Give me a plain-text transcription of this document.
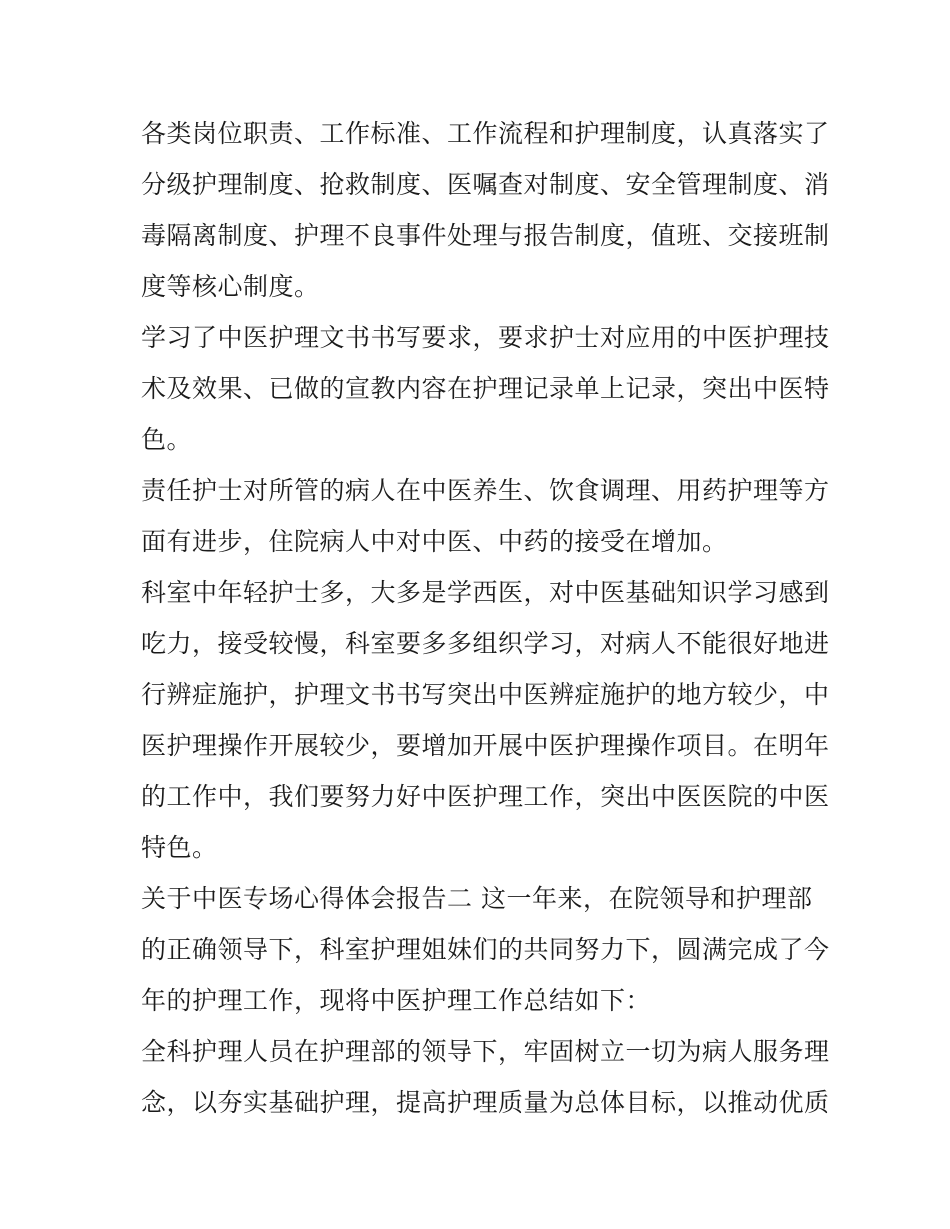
各类岗位职责、工作标准、工作流程和护理制度，认真落实了
分级护理制度、抢救制度、医嘱查对制度、安全管理制度、消
毒隔离制度、护理不良事件处理与报告制度，值班、交接班制
度等核心制度。
学习了中医护理文书书写要求，要求护士对应用的中医护理技
术及效果、已做的宣教内容在护理记录单上记录，突出中医特
色。
责任护士对所管的病人在中医养生、饮食调理、用药护理等方
面有进步，住院病人中对中医、中药的接受在增加。
科室中年轻护士多，大多是学西医，对中医基础知识学习感到
吃力，接受较慢，科室要多多组织学习，对病人不能很好地进
行辨症施护，护理文书书写突出中医辨症施护的地方较少，中
医护理操作开展较少，要增加开展中医护理操作项目。在明年
的工作中，我们要努力好中医护理工作，突出中医医院的中医
特色。
关于中医专场心得体会报告二 这一年来，在院领导和护理部
的正确领导下，科室护理姐妹们的共同努力下，圆满完成了今
年的护理工作，现将中医护理工作总结如下：
全科护理人员在护理部的领导下，牢固树立一切为病人服务理
念，以夯实基础护理，提高护理质量为总体目标，以推动优质
